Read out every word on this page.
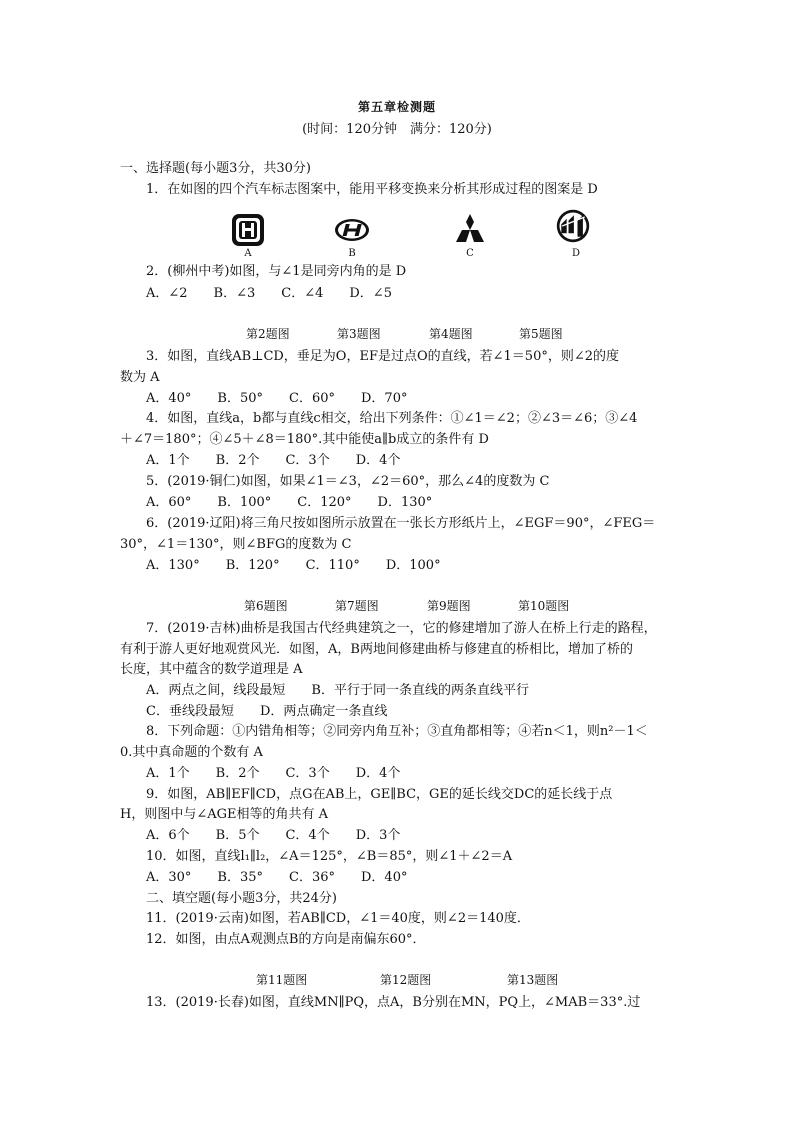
第五章检测题
(时间：120分钟　满分：120分)
一、选择题(每小题3分，共30分)
1．在如图的四个汽车标志图案中，能用平移变换来分析其形成过程的图案是 D
A	B	C	D
2．(柳州中考)如图，与∠1是同旁内角的是 D
A．∠2　　B．∠3　　C．∠4　　D．∠5
第2题图	第3题图	第4题图	第5题图
3．如图，直线AB⊥CD，垂足为O，EF是过点O的直线，若∠1＝50°，则∠2的度
数为 A
A．40°　　B．50°　　C．60°　　D．70°
4．如图，直线a，b都与直线c相交，给出下列条件：①∠1＝∠2；②∠3＝∠6；③∠4
＋∠7＝180°；④∠5＋∠8＝180°.其中能使a∥b成立的条件有 D
A．1个　　B．2个　　C．3个　　D．4个
5．(2019·铜仁)如图，如果∠1＝∠3，∠2＝60°，那么∠4的度数为 C
A．60°　　B．100°　　C．120°　　D．130°
6．(2019·辽阳)将三角尺按如图所示放置在一张长方形纸片上，∠EGF＝90°，∠FEG＝
30°，∠1＝130°，则∠BFG的度数为 C
A．130°　　B．120°　　C．110°　　D．100°
第6题图	第7题图	第9题图	第10题图
7．(2019·吉林)曲桥是我国古代经典建筑之一，它的修建增加了游人在桥上行走的路程，
有利于游人更好地观赏风光．如图，A，B两地间修建曲桥与修建直的桥相比，增加了桥的
长度，其中蕴含的数学道理是 A
A．两点之间，线段最短　　B．平行于同一条直线的两条直线平行
C．垂线段最短　　D．两点确定一条直线
8．下列命题：①内错角相等；②同旁内角互补；③直角都相等；④若n＜1，则n²－1＜
0.其中真命题的个数有 A
A．1个　　B．2个　　C．3个　　D．4个
9．如图，AB∥EF∥CD，点G在AB上，GE∥BC，GE的延长线交DC的延长线于点
H，则图中与∠AGE相等的角共有 A
A．6个　　B．5个　　C．4个　　D．3个
10．如图，直线l₁∥l₂，∠A＝125°，∠B＝85°，则∠1＋∠2＝A
A．30°　　B．35°　　C．36°　　D．40°
二、填空题(每小题3分，共24分)
11．(2019·云南)如图，若AB∥CD，∠1＝40度，则∠2＝140度．
12．如图，由点A观测点B的方向是南偏东60°．
第11题图	第12题图	第13题图
13．(2019·长春)如图，直线MN∥PQ，点A，B分别在MN，PQ上，∠MAB＝33°.过
